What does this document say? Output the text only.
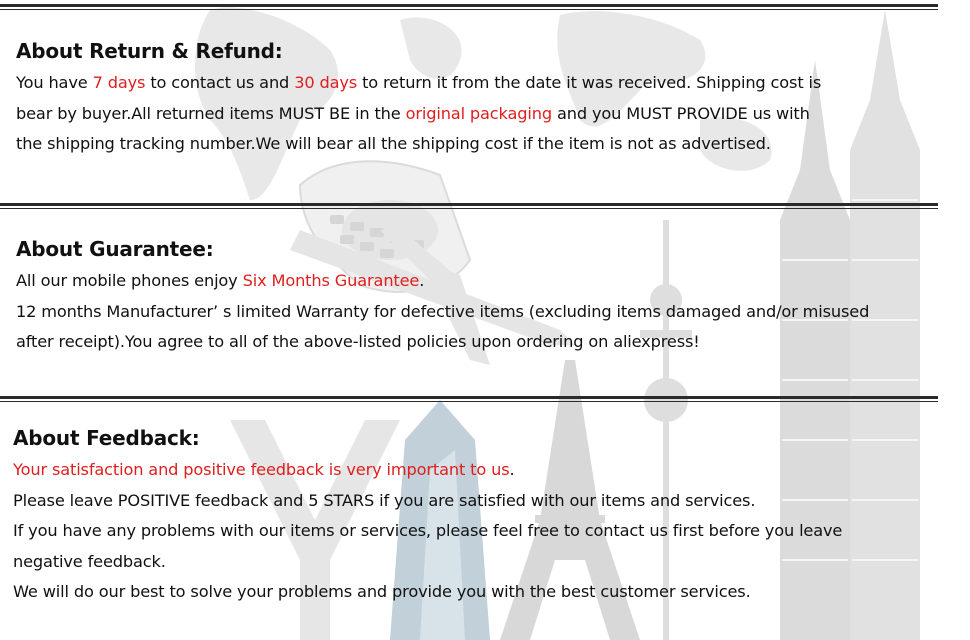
About Return & Refund:
You have 7 days to contact us and 30 days to return it from the date it was received. Shipping cost is
bear by buyer.All returned items MUST BE in the original packaging and you MUST PROVIDE us with
the shipping tracking number.We will bear all the shipping cost if the item is not as advertised.
About Guarantee:
All our mobile phones enjoy Six Months Guarantee.
12 months Manufacturer’ s limited Warranty for defective items (excluding items damaged and/or misused
after receipt).You agree to all of the above-listed policies upon ordering on aliexpress!
About Feedback:
Your satisfaction and positive feedback is very important to us.
Please leave POSITIVE feedback and 5 STARS if you are satisfied with our items and services.
If you have any problems with our items or services, please feel free to contact us first before you leave
negative feedback.
We will do our best to solve your problems and provide you with the best customer services.
